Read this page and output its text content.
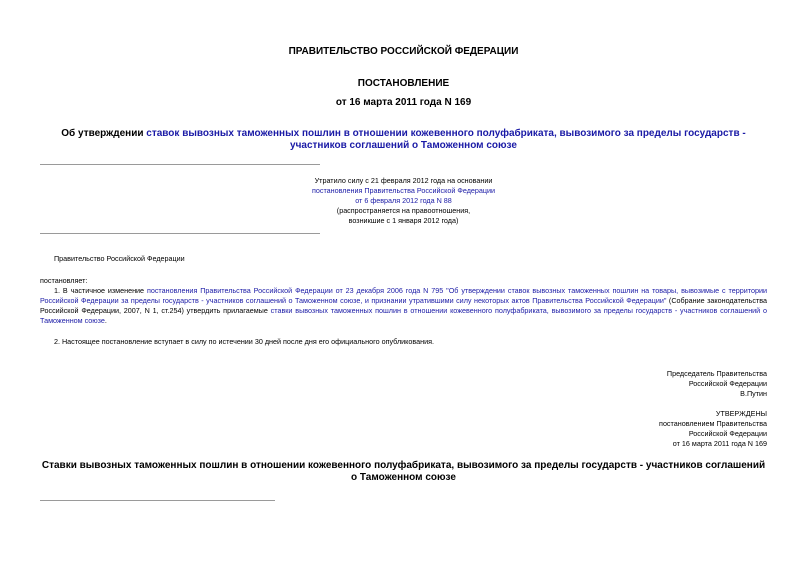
ПРАВИТЕЛЬСТВО РОССИЙСКОЙ ФЕДЕРАЦИИ
ПОСТАНОВЛЕНИЕ
от 16 марта 2011 года N 169
Об утверждении ставок вывозных таможенных пошлин в отношении кожевенного полуфабриката, вывозимого за пределы государств - участников соглашений о Таможенном союзе

Утратило силу с 21 февраля 2012 года на основании

постановления Правительства Российской Федерации

от 6 февраля 2012 года N 88

(распространяется на правоотношения,

возникшие с 1 января 2012 года)

Правительство Российской Федерации
постановляет:
1. В частичное изменение постановления Правительства Российской Федерации от 23 декабря 2006 года N 795 "Об утверждении ставок вывозных таможенных пошлин на товары, вывозимые с территории Российской Федерации за пределы государств - участников соглашений о Таможенном союзе, и признании утратившими силу некоторых актов Правительства Российской Федерации" (Собрание законодательства Российской Федерации, 2007, N 1, ст.254) утвердить прилагаемые ставки вывозных таможенных пошлин в отношении кожевенного полуфабриката, вывозимого за пределы государств - участников соглашений о Таможенном союзе.
2. Настоящее постановление вступает в силу по истечении 30 дней после дня его официального опубликования.

Председатель Правительства

Российской Федерации

В.Путин

УТВЕРЖДЕНЫ

постановлением Правительства

Российской Федерации

от 16 марта 2011 года N 169

Ставки вывозных таможенных пошлин в отношении кожевенного полуфабриката, вывозимого за пределы государств - участников соглашений о Таможенном союзе
